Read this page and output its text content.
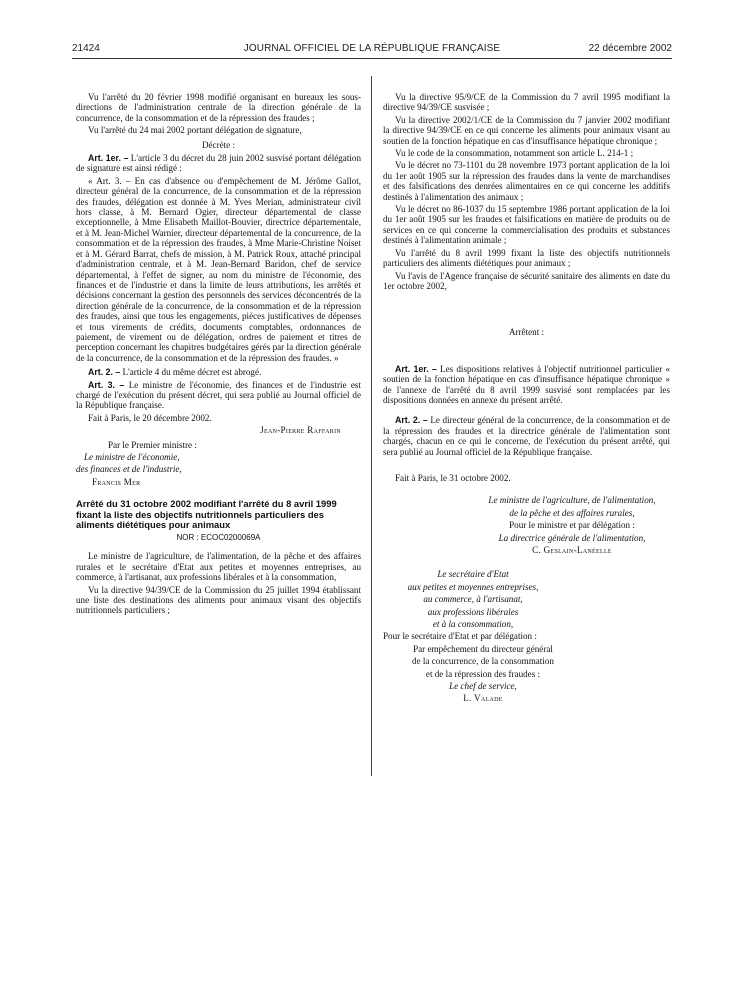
21424	JOURNAL OFFICIEL DE LA RÉPUBLIQUE FRANÇAISE	22 décembre 2002

Vu l'arrêté du 20 février 1998 modifié organisant en bureaux les sous-directions de l'administration centrale de la direction générale de la concurrence, de la consommation et de la répression des fraudes ;

Vu l'arrêté du 24 mai 2002 portant délégation de signature,

Décrète :

Art. 1er. – L'article 3 du décret du 28 juin 2002 susvisé portant délégation de signature est ainsi rédigé :

« Art. 3. – En cas d'absence ou d'empêchement de M. Jérôme Gallot, directeur général de la concurrence, de la consommation et de la répression des fraudes, délégation est donnée à M. Yves Merian, administrateur civil hors classe, à M. Bernard Ogier, directeur départemental de classe exceptionnelle, à Mme Elisabeth Maillot-Bouvier, directrice départementale, et à M. Jean-Michel Warnier, directeur départemental de la concurrence, de la consommation et de la répression des fraudes, à Mme Marie-Christine Noiset et à M. Gérard Barrat, chefs de mission, à M. Patrick Roux, attaché principal d'administration centrale, et à M. Jean-Bernard Baridon, chef de service départemental, à l'effet de signer, au nom du ministre de l'économie, des finances et de l'industrie et dans la limite de leurs attributions, les arrêtés et décisions concernant la gestion des personnels des services déconcentrés de la direction générale de la concurrence, de la consommation et de la répression des fraudes, ainsi que tous les engagements, pièces justificatives de dépenses et tous virements de crédits, documents comptables, ordonnances de paiement, de virement ou de délégation, ordres de paiement et titres de perception concernant les chapitres budgétaires gérés par la direction générale de la concurrence, de la consommation et de la répression des fraudes. »

Art. 2. – L'article 4 du même décret est abrogé.

Art. 3. – Le ministre de l'économie, des finances et de l'industrie est chargé de l'exécution du présent décret, qui sera publié au Journal officiel de la République française.

Fait à Paris, le 20 décembre 2002.

Jean-Pierre Raffarin

Par le Premier ministre :

Le ministre de l'économie,

des finances et de l'industrie,

Francis Mer

Arrêté du 31 octobre 2002 modifiant l'arrêté du 8 avril 1999 fixant la liste des objectifs nutritionnels particuliers des aliments diététiques pour animaux

NOR : ECOC0200069A

Le ministre de l'agriculture, de l'alimentation, de la pêche et des affaires rurales et le secrétaire d'Etat aux petites et moyennes entreprises, au commerce, à l'artisanat, aux professions libérales et à la consommation,

Vu la directive 94/39/CE de la Commission du 25 juillet 1994 établissant une liste des destinations des aliments pour animaux visant des objectifs nutritionnels particuliers ;

Vu la directive 95/9/CE de la Commission du 7 avril 1995 modifiant la directive 94/39/CE susvisée ;

Vu la directive 2002/1/CE de la Commission du 7 janvier 2002 modifiant la directive 94/39/CE en ce qui concerne les aliments pour animaux visant au soutien de la fonction hépatique en cas d'insuffisance hépatique chronique ;

Vu le code de la consommation, notamment son article L. 214-1 ;

Vu le décret no 73-1101 du 28 novembre 1973 portant application de la loi du 1er août 1905 sur la répression des fraudes dans la vente de marchandises et des falsifications des denrées alimentaires en ce qui concerne les additifs destinés à l'alimentation des animaux ;

Vu le décret no 86-1037 du 15 septembre 1986 portant application de la loi du 1er août 1905 sur les fraudes et falsifications en matière de produits ou de services en ce qui concerne la commercialisation des produits et substances destinés à l'alimentation animale ;

Vu l'arrêté du 8 avril 1999 fixant la liste des objectifs nutritionnels particuliers des aliments diététiques pour animaux ;

Vu l'avis de l'Agence française de sécurité sanitaire des aliments en date du 1er octobre 2002,

Arrêtent :

Art. 1er. – Les dispositions relatives à l'objectif nutritionnel particulier « soutien de la fonction hépatique en cas d'insuffisance hépatique chronique » de l'annexe de l'arrêté du 8 avril 1999 susvisé sont remplacées par les dispositions données en annexe du présent arrêté.

Art. 2. – Le directeur général de la concurrence, de la consommation et de la répression des fraudes et la directrice générale de l'alimentation sont chargés, chacun en ce qui le concerne, de l'exécution du présent arrêté, qui sera publié au Journal officiel de la République française.

Fait à Paris, le 31 octobre 2002.

Le ministre de l'agriculture, de l'alimentation,

de la pêche et des affaires rurales,

Pour le ministre et par délégation :

La directrice générale de l'alimentation,

C. Geslain-Lanéelle

Le secrétaire d'Etat

aux petites et moyennes entreprises,

au commerce, à l'artisanat,

aux professions libérales

et à la consommation,

Pour le secrétaire d'Etat et par délégation :

Par empêchement du directeur général

de la concurrence, de la consommation

et de la répression des fraudes :

Le chef de service,

L. Valade
